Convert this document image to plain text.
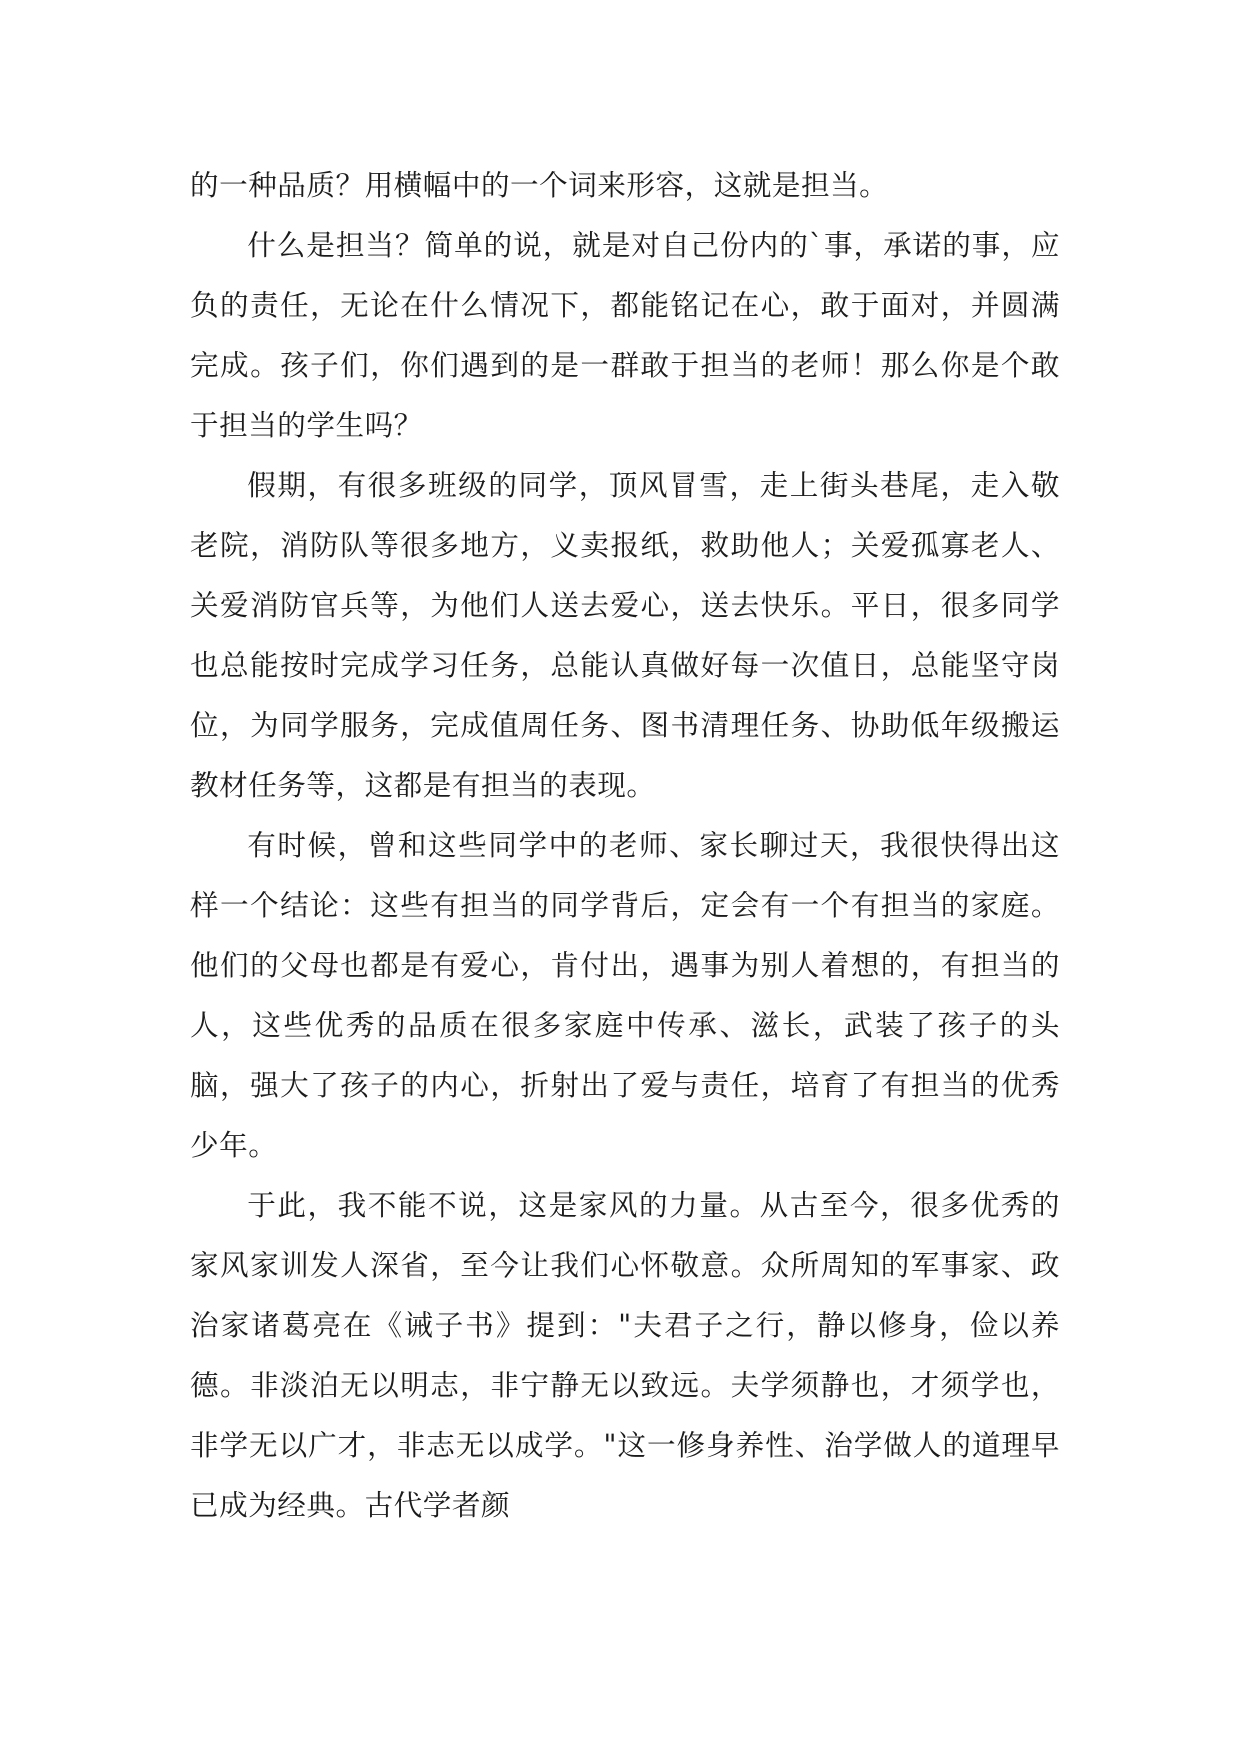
的一种品质？用横幅中的一个词来形容，这就是担当。

什么是担当？简单的说，就是对自己份内的`事，承诺的事，应负的责任，无论在什么情况下，都能铭记在心，敢于面对，并圆满完成。孩子们，你们遇到的是一群敢于担当的老师！那么你是个敢于担当的学生吗？

假期，有很多班级的同学，顶风冒雪，走上街头巷尾，走入敬老院，消防队等很多地方，义卖报纸，救助他人；关爱孤寡老人、关爱消防官兵等，为他们人送去爱心，送去快乐。平日，很多同学也总能按时完成学习任务，总能认真做好每一次值日，总能坚守岗位，为同学服务，完成值周任务、图书清理任务、协助低年级搬运教材任务等，这都是有担当的表现。

有时候，曾和这些同学中的老师、家长聊过天，我很快得出这样一个结论：这些有担当的同学背后，定会有一个有担当的家庭。他们的父母也都是有爱心，肯付出，遇事为别人着想的，有担当的人，这些优秀的品质在很多家庭中传承、滋长，武装了孩子的头脑，强大了孩子的内心，折射出了爱与责任，培育了有担当的优秀少年。

于此，我不能不说，这是家风的力量。从古至今，很多优秀的家风家训发人深省，至今让我们心怀敬意。众所周知的军事家、政治家诸葛亮在《诫子书》提到："夫君子之行，静以修身，俭以养德。非淡泊无以明志，非宁静无以致远。夫学须静也，才须学也，非学无以广才，非志无以成学。"这一修身养性、治学做人的道理早已成为经典。古代学者颜
